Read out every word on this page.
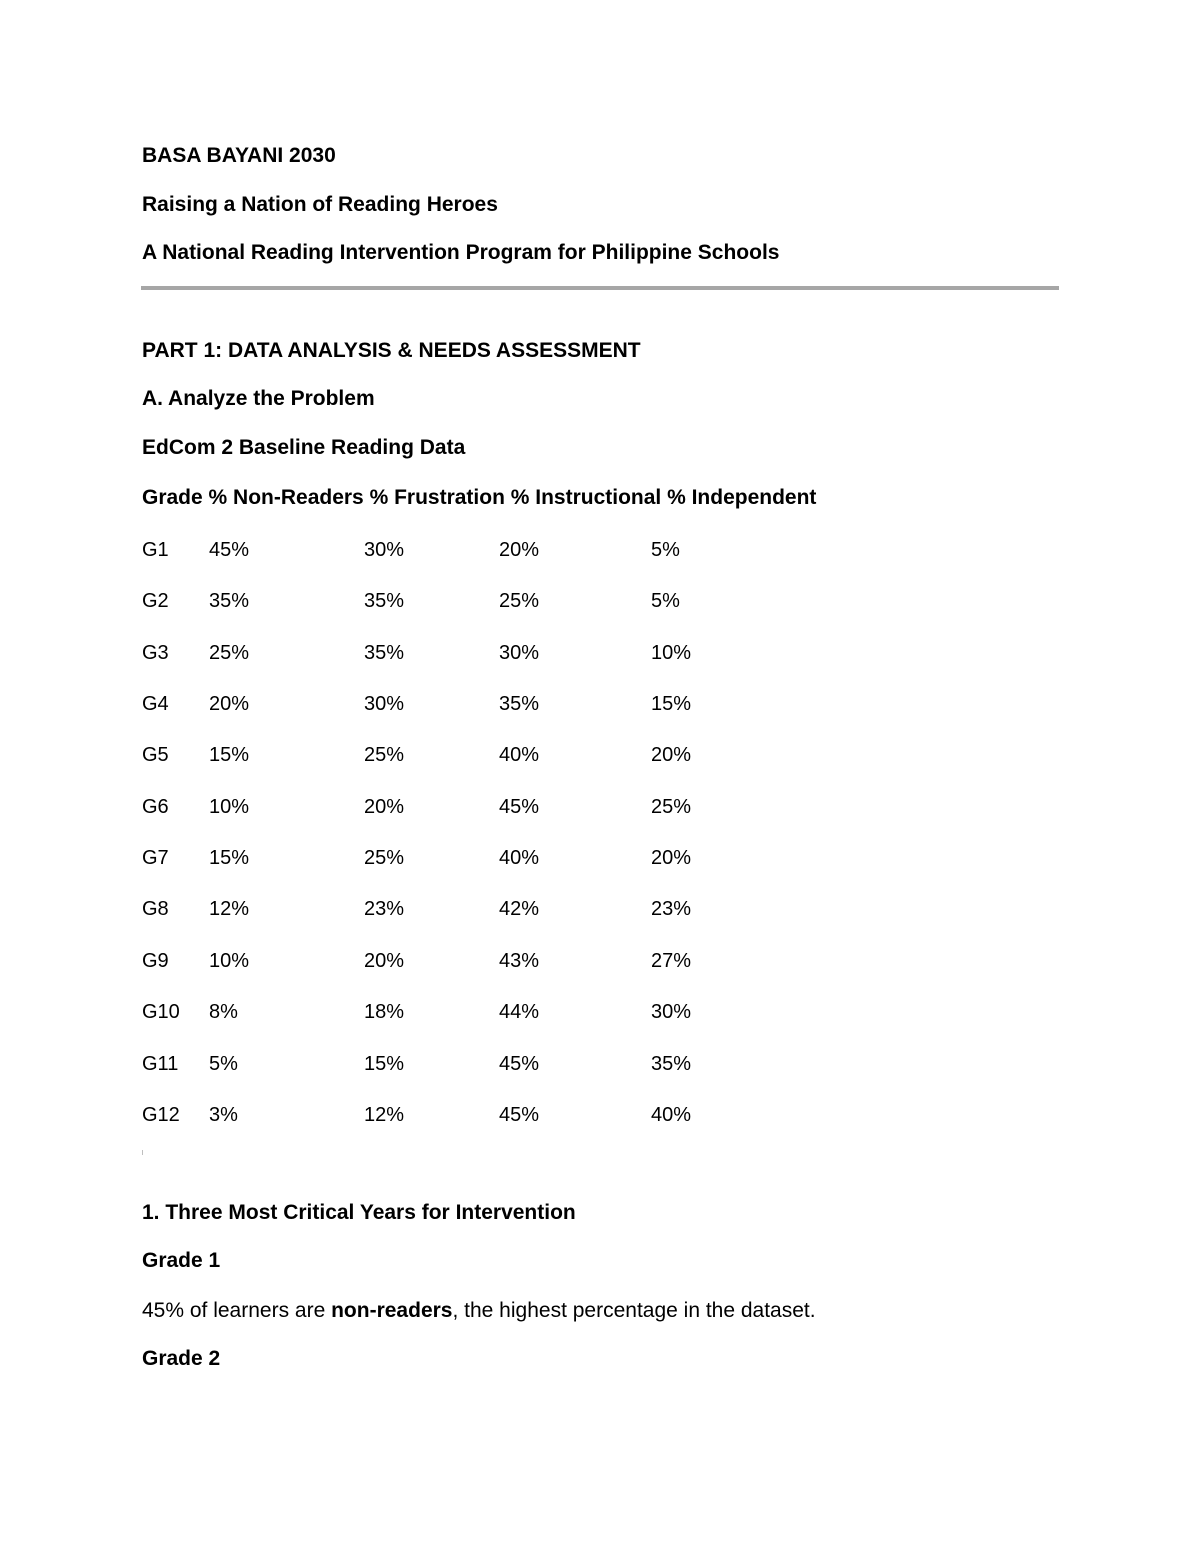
BASA BAYANI 2030
Raising a Nation of Reading Heroes
A National Reading Intervention Program for Philippine Schools
PART 1: DATA ANALYSIS & NEEDS ASSESSMENT
A. Analyze the Problem
EdCom 2 Baseline Reading Data
Grade % Non-Readers % Frustration % Instructional % Independent
G1 45%	30%	20%	5%
G2 35%	35%	25%	5%
G3 25%	35%	30%	10%
G4 20%	30%	35%	15%
G5 15%	25%	40%	20%
G6 10%	20%	45%	25%
G7 15%	25%	40%	20%
G8 12%	23%	42%	23%
G9 10%	20%	43%	27%
G10 8%	18%	44%	30%
G11 5%	15%	45%	35%
G12 3%	12%	45%	40%
1. Three Most Critical Years for Intervention
Grade 1
45% of learners are non-readers, the highest percentage in the dataset.
Grade 2
